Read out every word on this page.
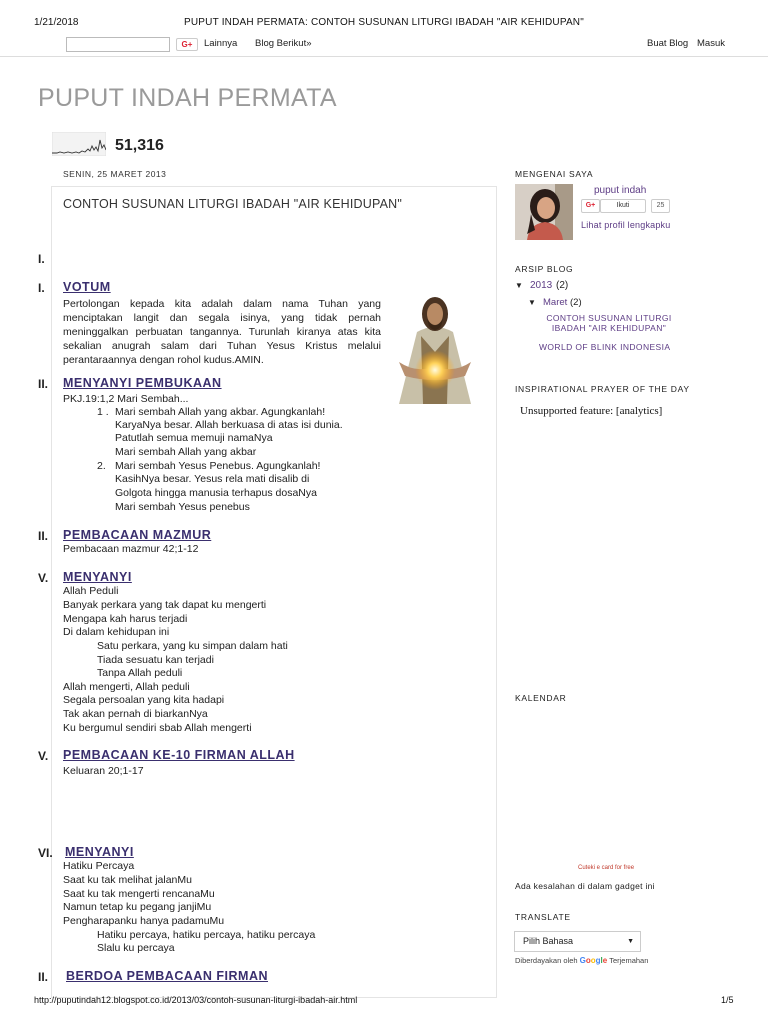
1/21/2018	PUPUT INDAH PERMATA: CONTOH SUSUNAN LITURGI IBADAH "AIR KEHIDUPAN"
G+	Lainnya Blog Berikut»	Buat Blog Masuk
PUPUT INDAH PERMATA
51,316
SENIN, 25 MARET 2013
CONTOH SUSUNAN LITURGI IBADAH "AIR KEHIDUPAN"
I.
I. VOTUM
Pertolongan kepada kita adalah dalam nama Tuhan yang menciptakan langit dan segala isinya, yang tidak pernah meninggalkan perbuatan tangannya. Turunlah kiranya atas kita sekalian anugrah salam dari Tuhan Yesus Kristus melalui perantaraannya dengan rohol kudus.AMIN.
II. MENYANYI PEMBUKAAN
PKJ.19:1,2 Mari Sembah...
1 . Mari sembah Allah yang akbar. Agungkanlah!
KaryaNya besar. Allah berkuasa di atas isi dunia.
Patutlah semua memuji namaNya
Mari sembah Allah yang akbar
2. Mari sembah Yesus Penebus. Agungkanlah!
KasihNya besar. Yesus rela mati disalib di
Golgota hingga manusia terhapus dosaNya
Mari sembah Yesus penebus
II. PEMBACAAN MAZMUR
Pembacaan mazmur 42;1-12
V. MENYANYI
Allah Peduli
Banyak perkara yang tak dapat ku mengerti
Mengapa kah harus terjadi
Di dalam kehidupan ini
Satu perkara, yang ku simpan dalam hati
Tiada sesuatu kan terjadi
Tanpa Allah peduli
Allah mengerti, Allah peduli
Segala persoalan yang kita hadapi
Tak akan pernah di biarkanNya
Ku bergumul sendiri sbab Allah mengerti
V. PEMBACAAN KE-10 FIRMAN ALLAH
Keluaran 20;1-17
VI. MENYANYI
Hatiku Percaya
Saat ku tak melihat jalanMu
Saat ku tak mengerti rencanaMu
Namun tetap ku pegang janjiMu
Pengharapanku hanya padamuMu
Hatiku percaya, hatiku percaya, hatiku percaya
Slalu ku percaya
II. BERDOA PEMBACAAN FIRMAN
MENGENAI SAYA
puput indah
G+	Ikuti	25
Lihat profil lengkapku
ARSIP BLOG
▼ 2013 (2)
▼ Maret (2)
CONTOH SUSUNAN LITURGI IBADAH "AIR KEHIDUPAN"
WORLD OF BLINK INDONESIA
INSPIRATIONAL PRAYER OF THE DAY
Unsupported feature: [analytics]
KALENDAR
Cuteki e card for free
Ada kesalahan di dalam gadget ini
TRANSLATE
Pilih Bahasa	▼
Diberdayakan oleh Google Terjemahan
http://puputindah12.blogspot.co.id/2013/03/contoh-susunan-liturgi-ibadah-air.html	1/5
